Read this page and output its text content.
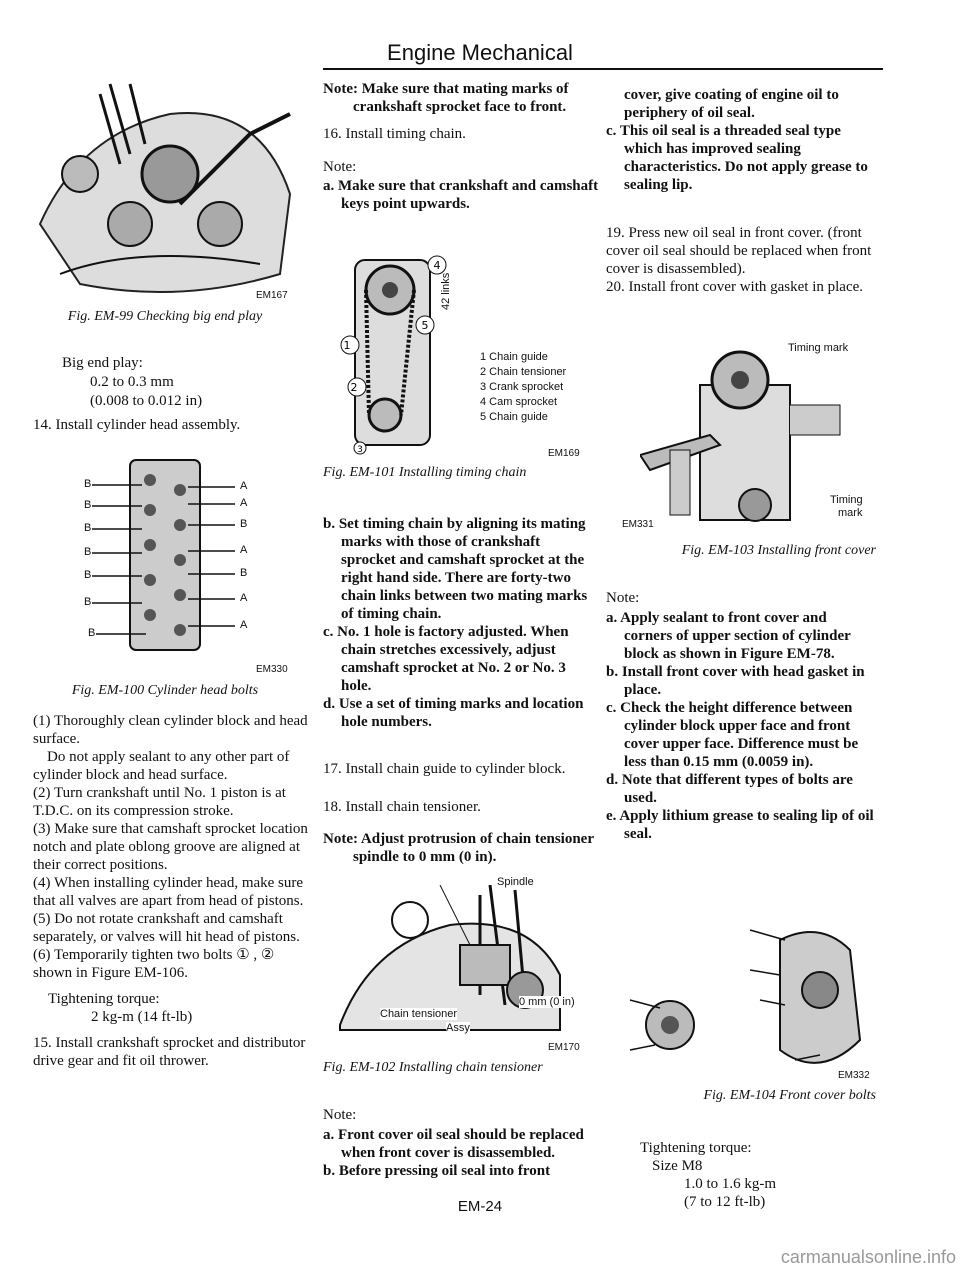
Engine Mechanical
EM167
Fig. EM-99 Checking big end play
Big end play:
0.2 to 0.3 mm
(0.008 to 0.012 in)
14. Install cylinder head assembly.
B
B
B
B
B
B
B
A
A
B
A
B
A
A
EM330
Fig. EM-100 Cylinder head bolts

(1) Thoroughly clean cylinder block and head surface.

Do not apply sealant to any other part of cylinder block and head surface.

(2) Turn crankshaft until No. 1 piston is at T.D.C. on its compression stroke.

(3) Make sure that camshaft sprocket location notch and plate oblong groove are aligned at their correct positions.

(4) When installing cylinder head, make sure that all valves are apart from head of pistons.

(5) Do not rotate crankshaft and camshaft separately, or valves will hit head of pistons.

(6) Temporarily tighten two bolts ① , ② shown in Figure EM-106.

Tightening torque:

2 kg-m (14 ft-lb)

15. Install crankshaft sprocket and distributor drive gear and fit oil thrower.

Note: Make sure that mating marks of crankshaft sprocket face to front.
16. Install timing chain.
Note:
a. Make sure that crankshaft and camshaft keys point upwards.
1
2
4
5
3
42 links
1 Chain guide
2 Chain tensioner
3 Crank sprocket
4 Cam sprocket
5 Chain guide
EM169
Fig. EM-101 Installing timing chain

b. Set timing chain by aligning its mating marks with those of crankshaft sprocket and camshaft sprocket at the right hand side. There are forty-two chain links between two mating marks of timing chain.

c. No. 1 hole is factory adjusted. When chain stretches excessively, adjust camshaft sprocket at No. 2 or No. 3 hole.

d. Use a set of timing marks and location hole numbers.

17. Install chain guide to cylinder block.
18. Install chain tensioner.
Note: Adjust protrusion of chain tensioner spindle to 0 mm (0 in).
Spindle
0 mm (0 in)
Chain tensioner
Assy
EM170
Fig. EM-102 Installing chain tensioner
Note:

a. Front cover oil seal should be replaced when front cover is disassembled.

b. Before pressing oil seal into front

cover, give coating of engine oil to periphery of oil seal.

c. This oil seal is a threaded seal type which has improved sealing characteristics. Do not apply grease to sealing lip.

19. Press new oil seal in front cover. (front cover oil seal should be replaced when front cover is disassembled).

20. Install front cover with gasket in place.

Timing mark
Timing
mark
EM331
Fig. EM-103 Installing front cover
Note:

a. Apply sealant to front cover and corners of upper section of cylinder block as shown in Figure EM-78.

b. Install front cover with head gasket in place.

c. Check the height difference between cylinder block upper face and front cover upper face. Difference must be less than 0.15 mm (0.0059 in).

d. Note that different types of bolts are used.

e. Apply lithium grease to sealing lip of oil seal.

EM332
Fig. EM-104 Front cover bolts

Tightening torque:

Size M8

1.0 to 1.6 kg-m

(7 to 12 ft-lb)

EM-24
carmanualsonline.info
